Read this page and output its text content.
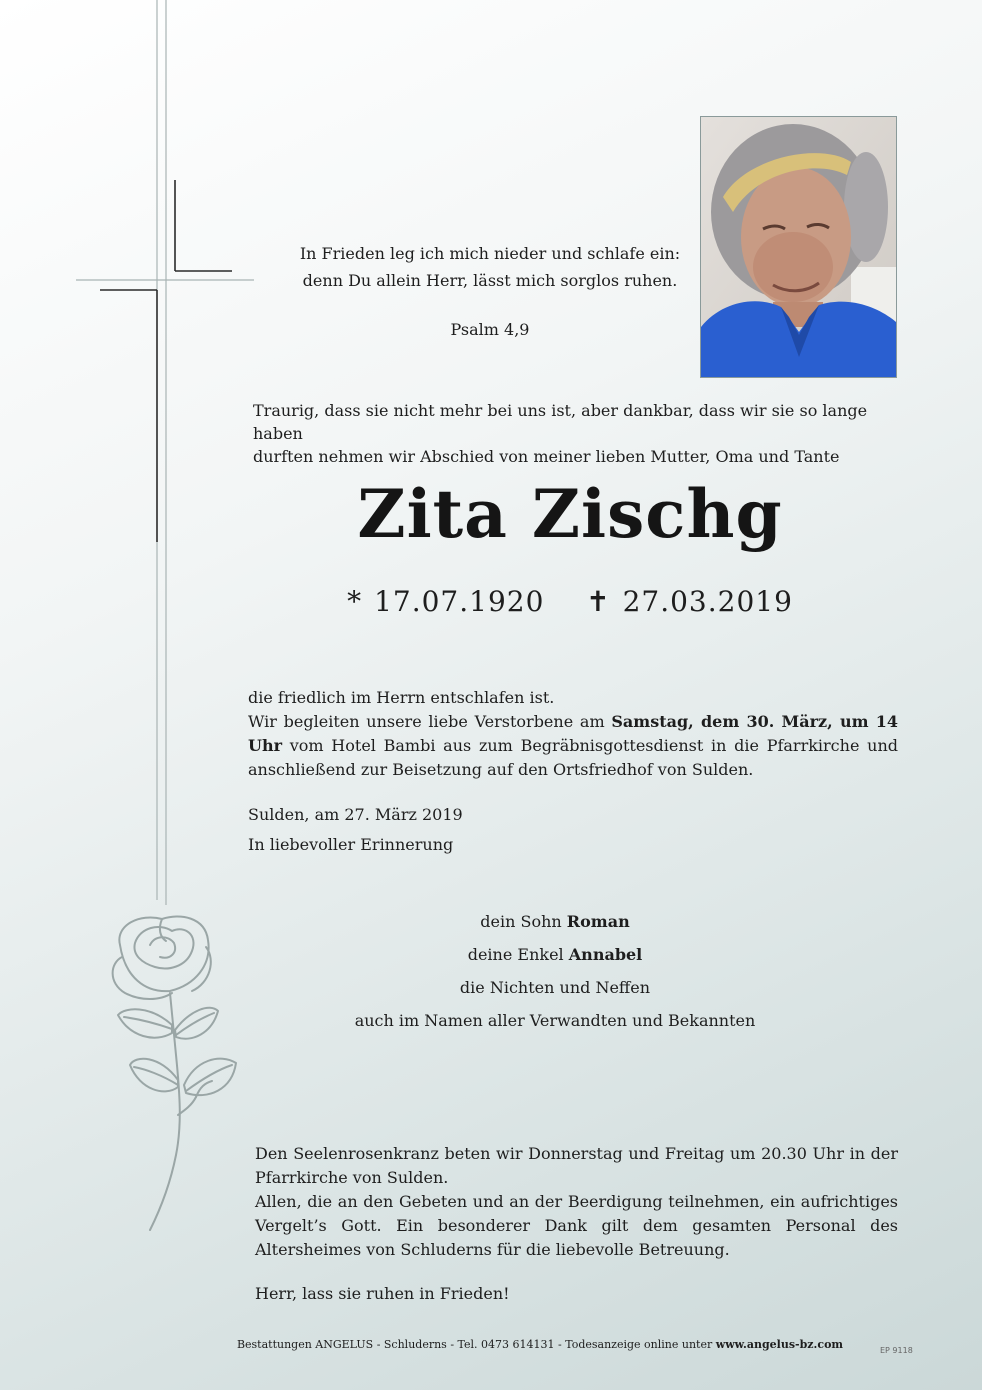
In Frieden leg ich mich nieder und schlafe ein:
denn Du allein Herr, lässt mich sorglos ruhen.
Psalm 4,9
Traurig, dass sie nicht mehr bei uns ist, aber dankbar, dass wir sie so lange haben
durften nehmen wir Abschied von meiner lieben Mutter, Oma und Tante
Zita Zischg
* 17.07.1920 ✝ 27.03.2019

die friedlich im Herrn entschlafen ist.

Wir begleiten unsere liebe Verstorbene am Samstag, dem 30. März, um 14 Uhr vom Hotel Bambi aus zum Begräbnisgottesdienst in die Pfarrkirche und anschließend zur Beisetzung auf den Ortsfriedhof von Sulden.

Sulden, am 27. März 2019

In liebevoller Erinnerung

dein Sohn Roman

deine Enkel Annabel

die Nichten und Neffen

auch im Namen aller Verwandten und Bekannten

Den Seelenrosenkranz beten wir Donnerstag und Freitag um 20.30 Uhr in der Pfarrkirche von Sulden.

Allen, die an den Gebeten und an der Beerdigung teilnehmen, ein aufrichtiges Vergelt’s Gott. Ein besonderer Dank gilt dem gesamten Personal des Altersheimes von Schluderns für die liebevolle Betreuung.

Herr, lass sie ruhen in Frieden!
Bestattungen ANGELUS - Schluderns - Tel. 0473 614131 - Todesanzeige online unter www.angelus-bz.com	EP 9118
